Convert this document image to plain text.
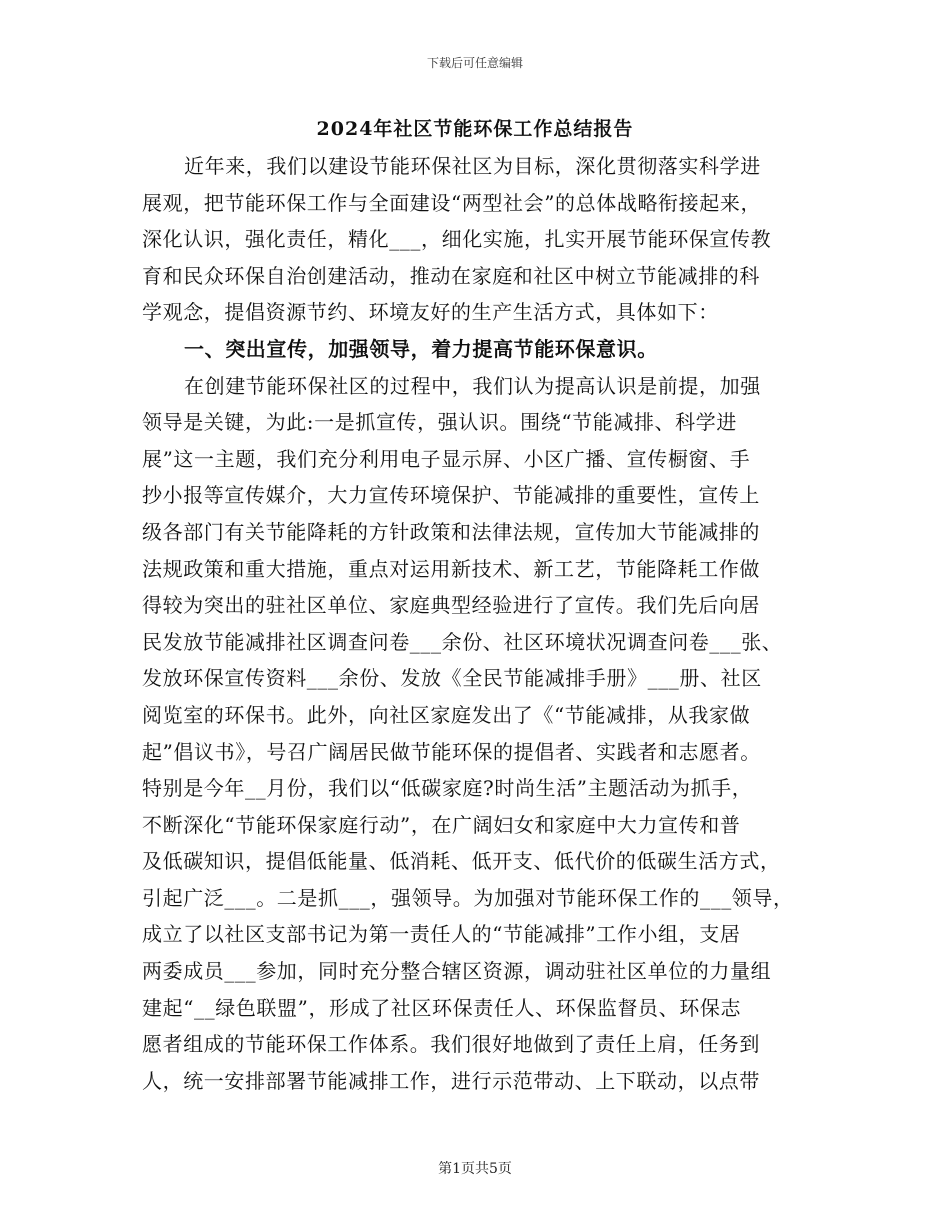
下载后可任意编辑
2024年社区节能环保工作总结报告
近年来，我们以建设节能环保社区为目标，深化贯彻落实科学进
展观，把节能环保工作与全面建设“两型社会”的总体战略衔接起来，
深化认识，强化责任，精化___，细化实施，扎实开展节能环保宣传教
育和民众环保自治创建活动，推动在家庭和社区中树立节能减排的科
学观念，提倡资源节约、环境友好的生产生活方式，具体如下：
一、突出宣传，加强领导，着力提高节能环保意识。
在创建节能环保社区的过程中，我们认为提高认识是前提，加强
领导是关键，为此:一是抓宣传，强认识。围绕“节能减排、科学进
展”这一主题，我们充分利用电子显示屏、小区广播、宣传橱窗、手
抄小报等宣传媒介，大力宣传环境保护、节能减排的重要性，宣传上
级各部门有关节能降耗的方针政策和法律法规，宣传加大节能减排的
法规政策和重大措施，重点对运用新技术、新工艺，节能降耗工作做
得较为突出的驻社区单位、家庭典型经验进行了宣传。我们先后向居
民发放节能减排社区调查问卷___余份、社区环境状况调查问卷___张、
发放环保宣传资料___余份、发放《全民节能减排手册》___册、社区
阅览室的环保书。此外，向社区家庭发出了《“节能减排，从我家做
起”倡议书》，号召广阔居民做节能环保的提倡者、实践者和志愿者。
特别是今年__月份，我们以“低碳家庭?时尚生活”主题活动为抓手，
不断深化“节能环保家庭行动”，在广阔妇女和家庭中大力宣传和普
及低碳知识，提倡低能量、低消耗、低开支、低代价的低碳生活方式，
引起广泛___。二是抓___，强领导。为加强对节能环保工作的___领导，
成立了以社区支部书记为第一责任人的“节能减排”工作小组，支居
两委成员___参加，同时充分整合辖区资源，调动驻社区单位的力量组
建起“__绿色联盟”，形成了社区环保责任人、环保监督员、环保志
愿者组成的节能环保工作体系。我们很好地做到了责任上肩，任务到
人，统一安排部署节能减排工作，进行示范带动、上下联动，以点带
第1页共5页
